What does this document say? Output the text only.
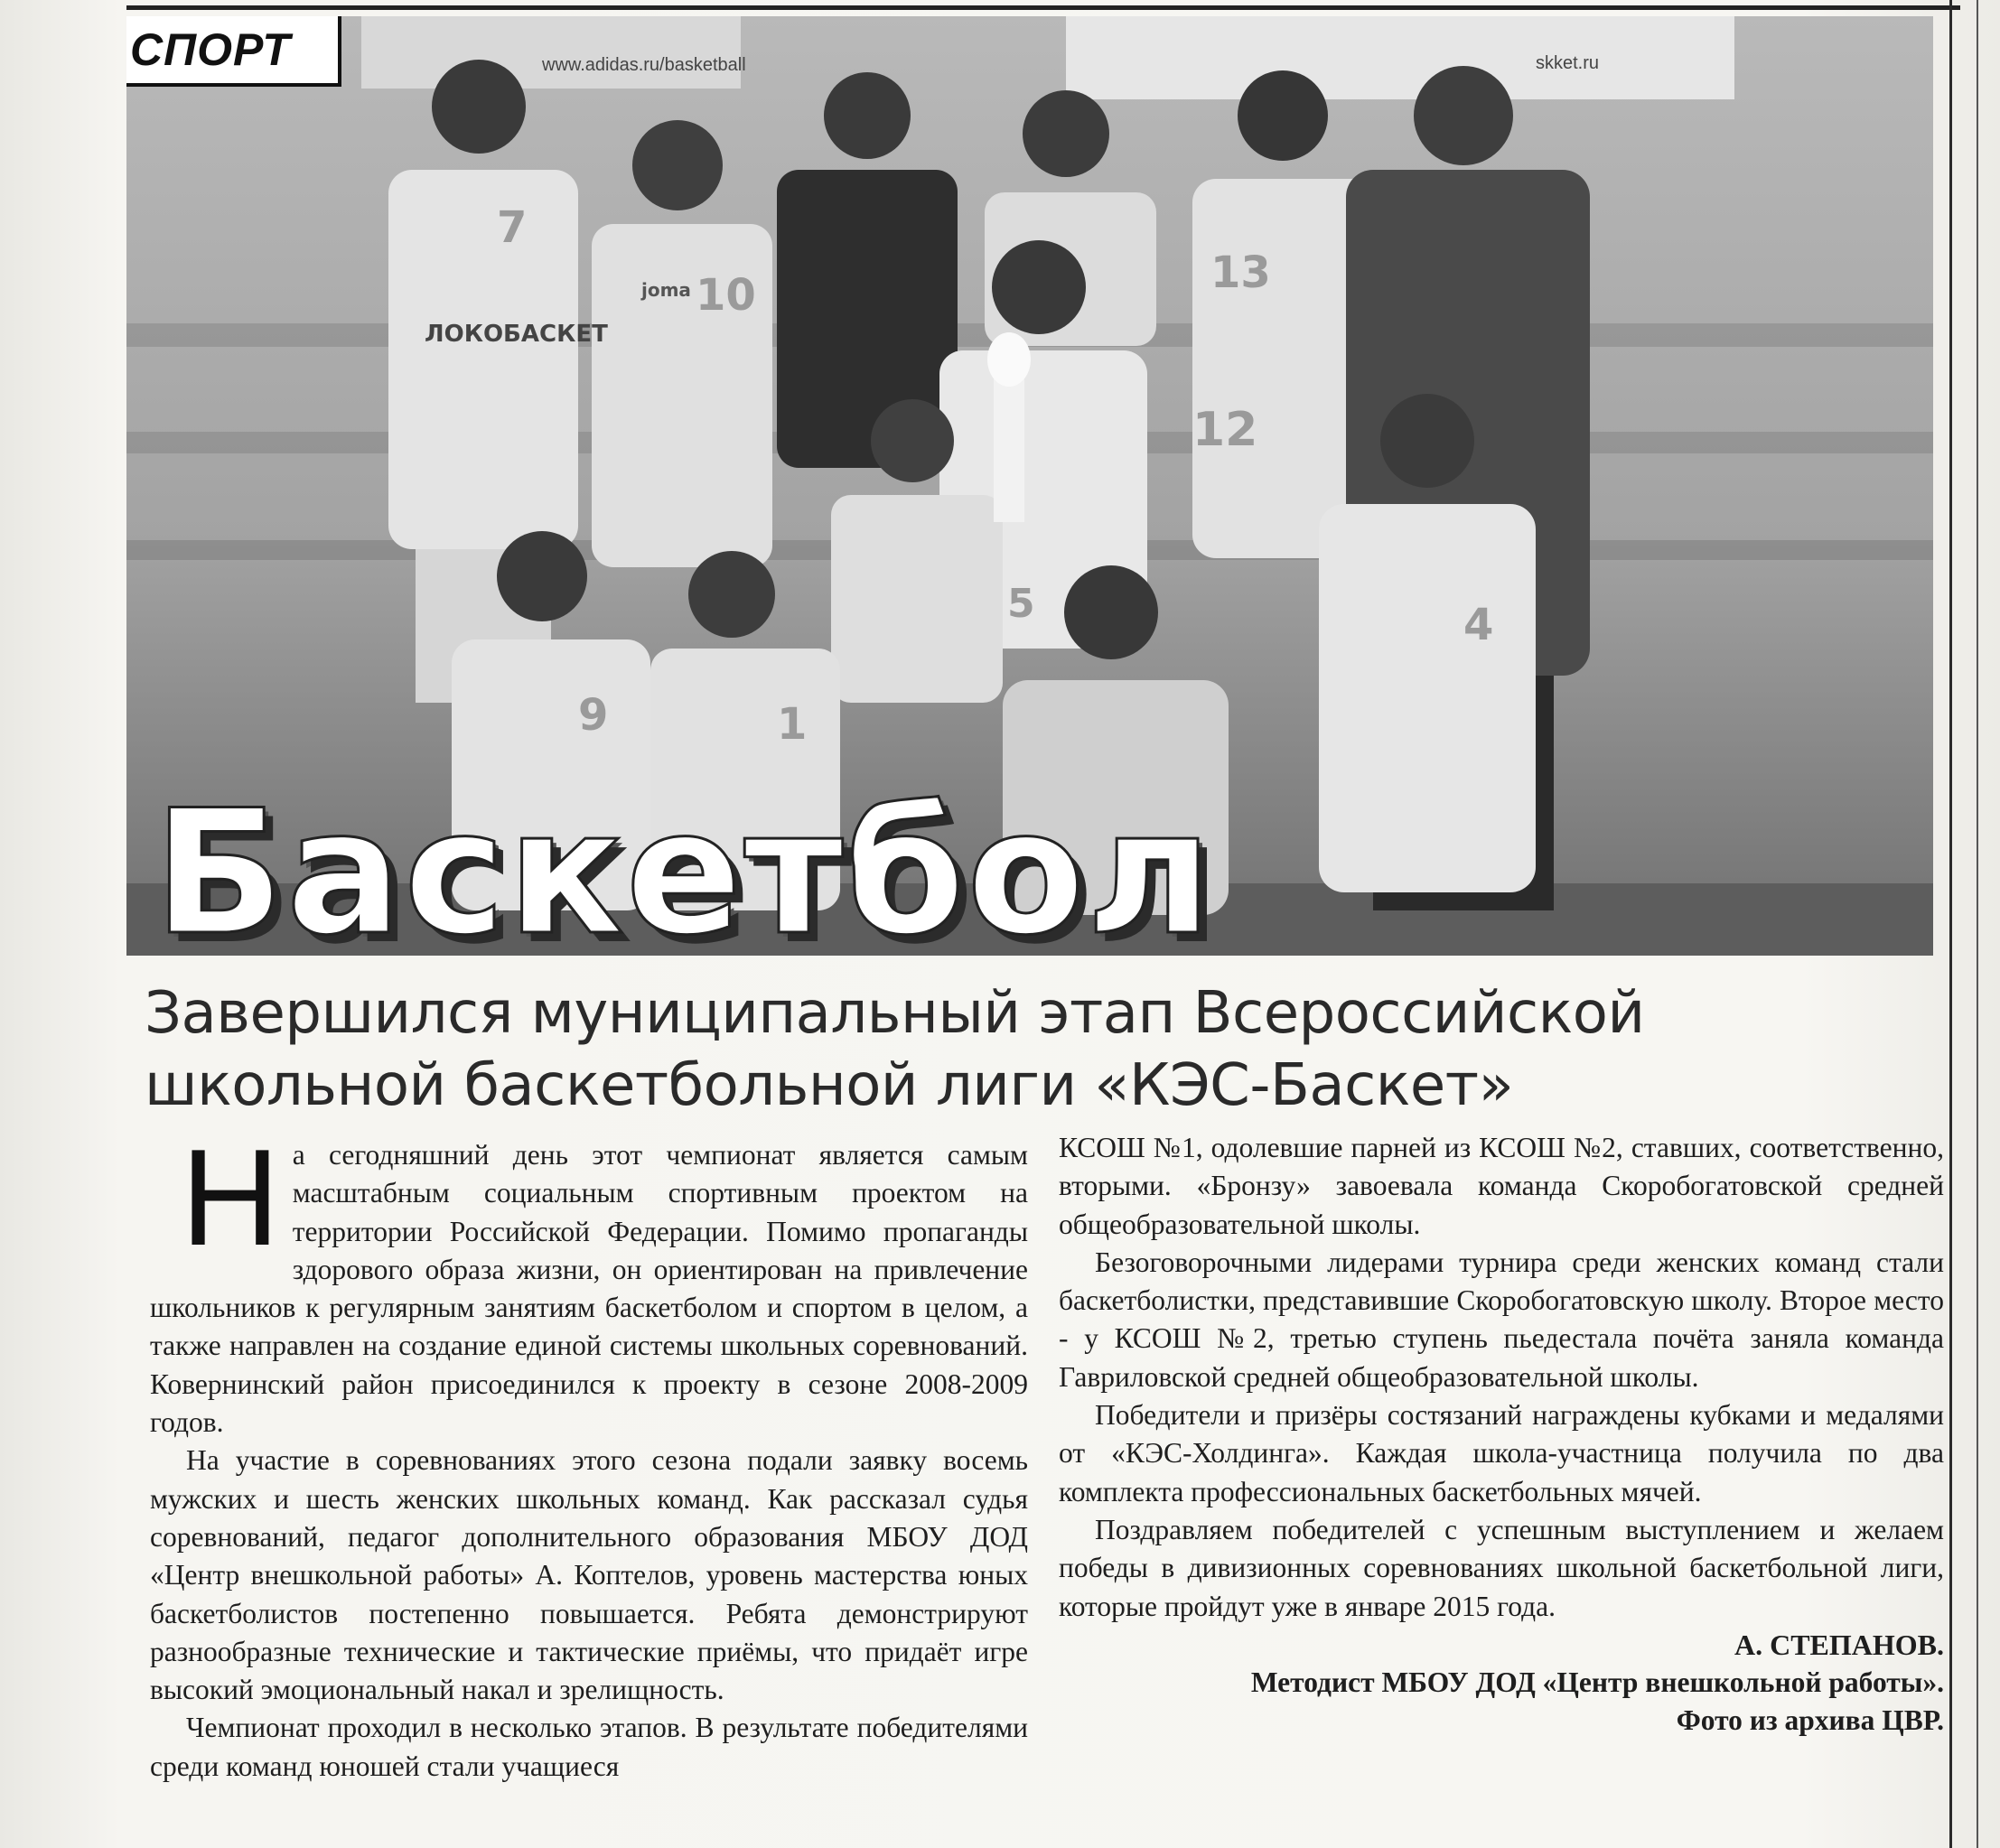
www.adidas.ru/basketball	skket.ru
ЛОКОБАСКЕТ
joma
7
10	13
9	1
5
12
4
СПОРТ
Баскетбол
Завершился муниципальный этап Всероссийской школьной баскетбольной лиги «КЭС-Баскет»

На сегодняшний день этот чемпионат является самым масштабным социальным спортивным проектом на территории Российской Федерации. Помимо пропаганды здорового образа жизни, он ориентирован на привлечение школьников к регулярным занятиям баскетболом и спортом в целом, а также направлен на создание единой системы школьных соревнований. Ковернинский район присоединился к проекту в сезоне 2008-2009 годов.

На участие в соревнованиях этого сезона подали заявку восемь мужских и шесть женских школьных команд. Как рассказал судья соревнований, педагог дополнительного образования МБОУ ДОД «Центр внешкольной работы» А. Коптелов, уровень мастерства юных баскетболистов постепенно повышается. Ребята демонстрируют разнообразные технические и тактические приёмы, что придаёт игре высокий эмоциональный накал и зрелищность.

Чемпионат проходил в несколько этапов. В результате победителями среди команд юношей стали учащиеся

КСОШ №1, одолевшие парней из КСОШ №2, ставших, соответственно, вторыми. «Бронзу» завоевала команда Скоробогатовской средней общеобразовательной школы.

Безоговорочными лидерами турнира среди женских команд стали баскетболистки, представившие Скоробогатовскую школу. Второе место - у КСОШ №2, третью ступень пьедестала почёта заняла команда Гавриловской средней общеобразовательной школы.

Победители и призёры состязаний награждены кубками и медалями от «КЭС-Холдинга». Каждая школа-участница получила по два комплекта профессиональных баскетбольных мячей.

Поздравляем победителей с успешным выступлением и желаем победы в дивизионных соревнованиях школьной баскетбольной лиги, которые пройдут уже в январе 2015 года.

А. СТЕПАНОВ.

Методист МБОУ ДОД «Центр внешкольной работы».

Фото из архива ЦВР.
